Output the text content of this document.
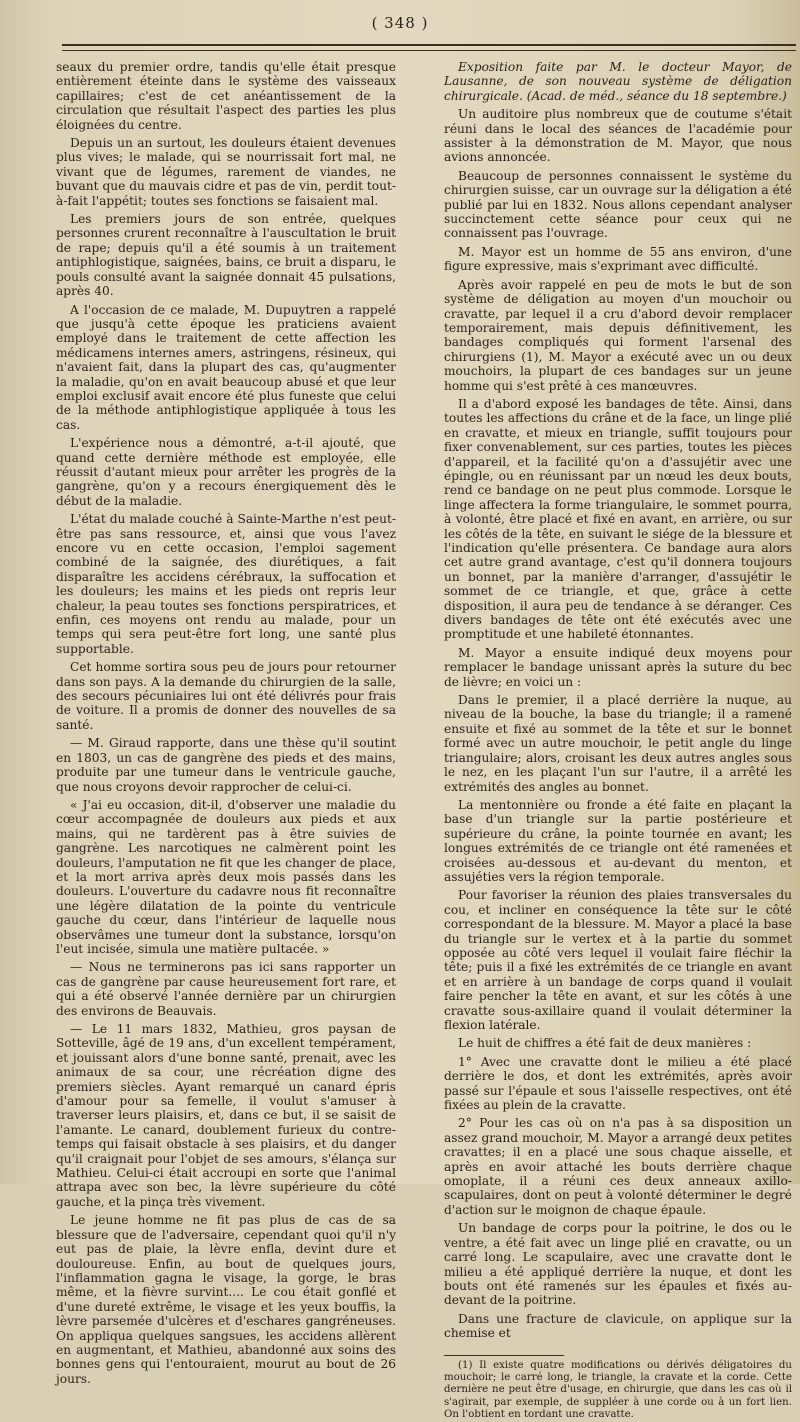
( 348 )

seaux du premier ordre, tandis qu'elle était presque entièrement éteinte dans le système des vaisseaux capillaires; c'est de cet anéantissement de la circulation que résultait l'aspect des parties les plus éloignées du centre.

Depuis un an surtout, les douleurs étaient devenues plus vives; le malade, qui se nourrissait fort mal, ne vivant que de légumes, rarement de viandes, ne buvant que du mauvais cidre et pas de vin, perdit tout-à-fait l'appétit; toutes ses fonctions se faisaient mal.

Les premiers jours de son entrée, quelques personnes crurent reconnaître à l'auscultation le bruit de rape; depuis qu'il a été soumis à un traitement antiphlogistique, saignées, bains, ce bruit a disparu, le pouls consulté avant la saignée donnait 45 pulsations, après 40.

A l'occasion de ce malade, M. Dupuytren a rappelé que jusqu'à cette époque les praticiens avaient employé dans le traitement de cette affection les médicamens internes amers, astringens, résineux, qui n'avaient fait, dans la plupart des cas, qu'augmenter la maladie, qu'on en avait beaucoup abusé et que leur emploi exclusif avait encore été plus funeste que celui de la méthode antiphlogistique appliquée à tous les cas.

L'expérience nous a démontré, a-t-il ajouté, que quand cette dernière méthode est employée, elle réussit d'autant mieux pour arrêter les progrès de la gangrène, qu'on y a recours énergiquement dès le début de la maladie.

L'état du malade couché à Sainte-Marthe n'est peut-être pas sans ressource, et, ainsi que vous l'avez encore vu en cette occasion, l'emploi sagement combiné de la saignée, des diurétiques, a fait disparaître les accidens cérébraux, la suffocation et les douleurs; les mains et les pieds ont repris leur chaleur, la peau toutes ses fonctions perspiratrices, et enfin, ces moyens ont rendu au malade, pour un temps qui sera peut-être fort long, une santé plus supportable.

Cet homme sortira sous peu de jours pour retourner dans son pays. A la demande du chirurgien de la salle, des secours pécuniaires lui ont été délivrés pour frais de voiture. Il a promis de donner des nouvelles de sa santé.

— M. Giraud rapporte, dans une thèse qu'il soutint en 1803, un cas de gangrène des pieds et des mains, produite par une tumeur dans le ventricule gauche, que nous croyons devoir rapprocher de celui-ci.

« J'ai eu occasion, dit-il, d'observer une maladie du cœur accompagnée de douleurs aux pieds et aux mains, qui ne tardèrent pas à être suivies de gangrène. Les narcotiques ne calmèrent point les douleurs, l'amputation ne fit que les changer de place, et la mort arriva après deux mois passés dans les douleurs. L'ouverture du cadavre nous fit reconnaître une légère dilatation de la pointe du ventricule gauche du cœur, dans l'intérieur de laquelle nous observâmes une tumeur dont la substance, lorsqu'on l'eut incisée, simula une matière pultacée. »

— Nous ne terminerons pas ici sans rapporter un cas de gangrène par cause heureusement fort rare, et qui a été observé l'année dernière par un chirurgien des environs de Beauvais.

— Le 11 mars 1832, Mathieu, gros paysan de Sotteville, âgé de 19 ans, d'un excellent tempérament, et jouissant alors d'une bonne santé, prenait, avec les animaux de sa cour, une récréation digne des premiers siècles. Ayant remarqué un canard épris d'amour pour sa femelle, il voulut s'amuser à traverser leurs plaisirs, et, dans ce but, il se saisit de l'amante. Le canard, doublement furieux du contre-temps qui faisait obstacle à ses plaisirs, et du danger qu'il craignait pour l'objet de ses amours, s'élança sur Mathieu. Celui-ci était accroupi en sorte que l'animal attrapa avec son bec, la lèvre supérieure du côté gauche, et la pinça très vivement.

Le jeune homme ne fit pas plus de cas de sa blessure que de l'adversaire, cependant quoi qu'il n'y eut pas de plaie, la lèvre enfla, devint dure et douloureuse. Enfin, au bout de quelques jours, l'inflammation gagna le visage, la gorge, le bras même, et la fièvre survint.... Le cou était gonflé et d'une dureté extrême, le visage et les yeux bouffis, la lèvre parsemée d'ulcères et d'eschares gangréneuses. On appliqua quelques sangsues, les accidens allèrent en augmentant, et Mathieu, abandonné aux soins des bonnes gens qui l'entouraient, mourut au bout de 26 jours.

Exposition faite par M. le docteur Mayor, de Lausanne, de son nouveau système de déligation chirurgicale. (Acad. de méd., séance du 18 septembre.)

Un auditoire plus nombreux que de coutume s'était réuni dans le local des séances de l'académie pour assister à la démonstration de M. Mayor, que nous avions annoncée.

Beaucoup de personnes connaissent le système du chirurgien suisse, car un ouvrage sur la déligation a été publié par lui en 1832. Nous allons cependant analyser succinctement cette séance pour ceux qui ne connaissent pas l'ouvrage.

M. Mayor est un homme de 55 ans environ, d'une figure expressive, mais s'exprimant avec difficulté.

Après avoir rappelé en peu de mots le but de son système de déligation au moyen d'un mouchoir ou cravatte, par lequel il a cru d'abord devoir remplacer temporairement, mais depuis définitivement, les bandages compliqués qui forment l'arsenal des chirurgiens (1), M. Mayor a exécuté avec un ou deux mouchoirs, la plupart de ces bandages sur un jeune homme qui s'est prêté à ces manœuvres.

Il a d'abord exposé les bandages de tête. Ainsi, dans toutes les affections du crâne et de la face, un linge plié en cravatte, et mieux en triangle, suffit toujours pour fixer convenablement, sur ces parties, toutes les pièces d'appareil, et la facilité qu'on a d'assujétir avec une épingle, ou en réunissant par un nœud les deux bouts, rend ce bandage on ne peut plus commode. Lorsque le linge affectera la forme triangulaire, le sommet pourra, à volonté, être placé et fixé en avant, en arrière, ou sur les côtés de la tête, en suivant le siége de la blessure et l'indication qu'elle présentera. Ce bandage aura alors cet autre grand avantage, c'est qu'il donnera toujours un bonnet, par la manière d'arranger, d'assujétir le sommet de ce triangle, et que, grâce à cette disposition, il aura peu de tendance à se déranger. Ces divers bandages de tête ont été exécutés avec une promptitude et une habileté étonnantes.

M. Mayor a ensuite indiqué deux moyens pour remplacer le bandage unissant après la suture du bec de lièvre; en voici un :

Dans le premier, il a placé derrière la nuque, au niveau de la bouche, la base du triangle; il a ramené ensuite et fixé au sommet de la tête et sur le bonnet formé avec un autre mouchoir, le petit angle du linge triangulaire; alors, croisant les deux autres angles sous le nez, en les plaçant l'un sur l'autre, il a arrêté les extrémités des angles au bonnet.

La mentonnière ou fronde a été faite en plaçant la base d'un triangle sur la partie postérieure et supérieure du crâne, la pointe tournée en avant; les longues extrémités de ce triangle ont été ramenées et croisées au-dessous et au-devant du menton, et assujéties vers la région temporale.

Pour favoriser la réunion des plaies transversales du cou, et incliner en conséquence la tête sur le côté correspondant de la blessure. M. Mayor a placé la base du triangle sur le vertex et à la partie du sommet opposée au côté vers lequel il voulait faire fléchir la tête; puis il a fixé les extrémités de ce triangle en avant et en arrière à un bandage de corps quand il voulait faire pencher la tête en avant, et sur les côtés à une cravatte sous-axillaire quand il voulait déterminer la flexion latérale.

Le huit de chiffres a été fait de deux manières :

1° Avec une cravatte dont le milieu a été placé derrière le dos, et dont les extrémités, après avoir passé sur l'épaule et sous l'aisselle respectives, ont été fixées au plein de la cravatte.

2° Pour les cas où on n'a pas à sa disposition un assez grand mouchoir, M. Mayor a arrangé deux petites cravattes; il en a placé une sous chaque aisselle, et après en avoir attaché les bouts derrière chaque omoplate, il a réuni ces deux anneaux axillo-scapulaires, dont on peut à volonté déterminer le degré d'action sur le moignon de chaque épaule.

Un bandage de corps pour la poitrine, le dos ou le ventre, a été fait avec un linge plié en cravatte, ou un carré long. Le scapulaire, avec une cravatte dont le milieu a été appliqué derrière la nuque, et dont les bouts ont été ramenés sur les épaules et fixés au-devant de la poitrine.

Dans une fracture de clavicule, on applique sur la chemise et

(1) Il existe quatre modifications ou dérivés déligatoires du mouchoir; le carré long, le triangle, la cravate et la corde. Cette dernière ne peut être d'usage, en chirurgie, que dans les cas où il s'agirait, par exemple, de suppléer à une corde ou à un fort lien. On l'obtient en tordant une cravatte.
